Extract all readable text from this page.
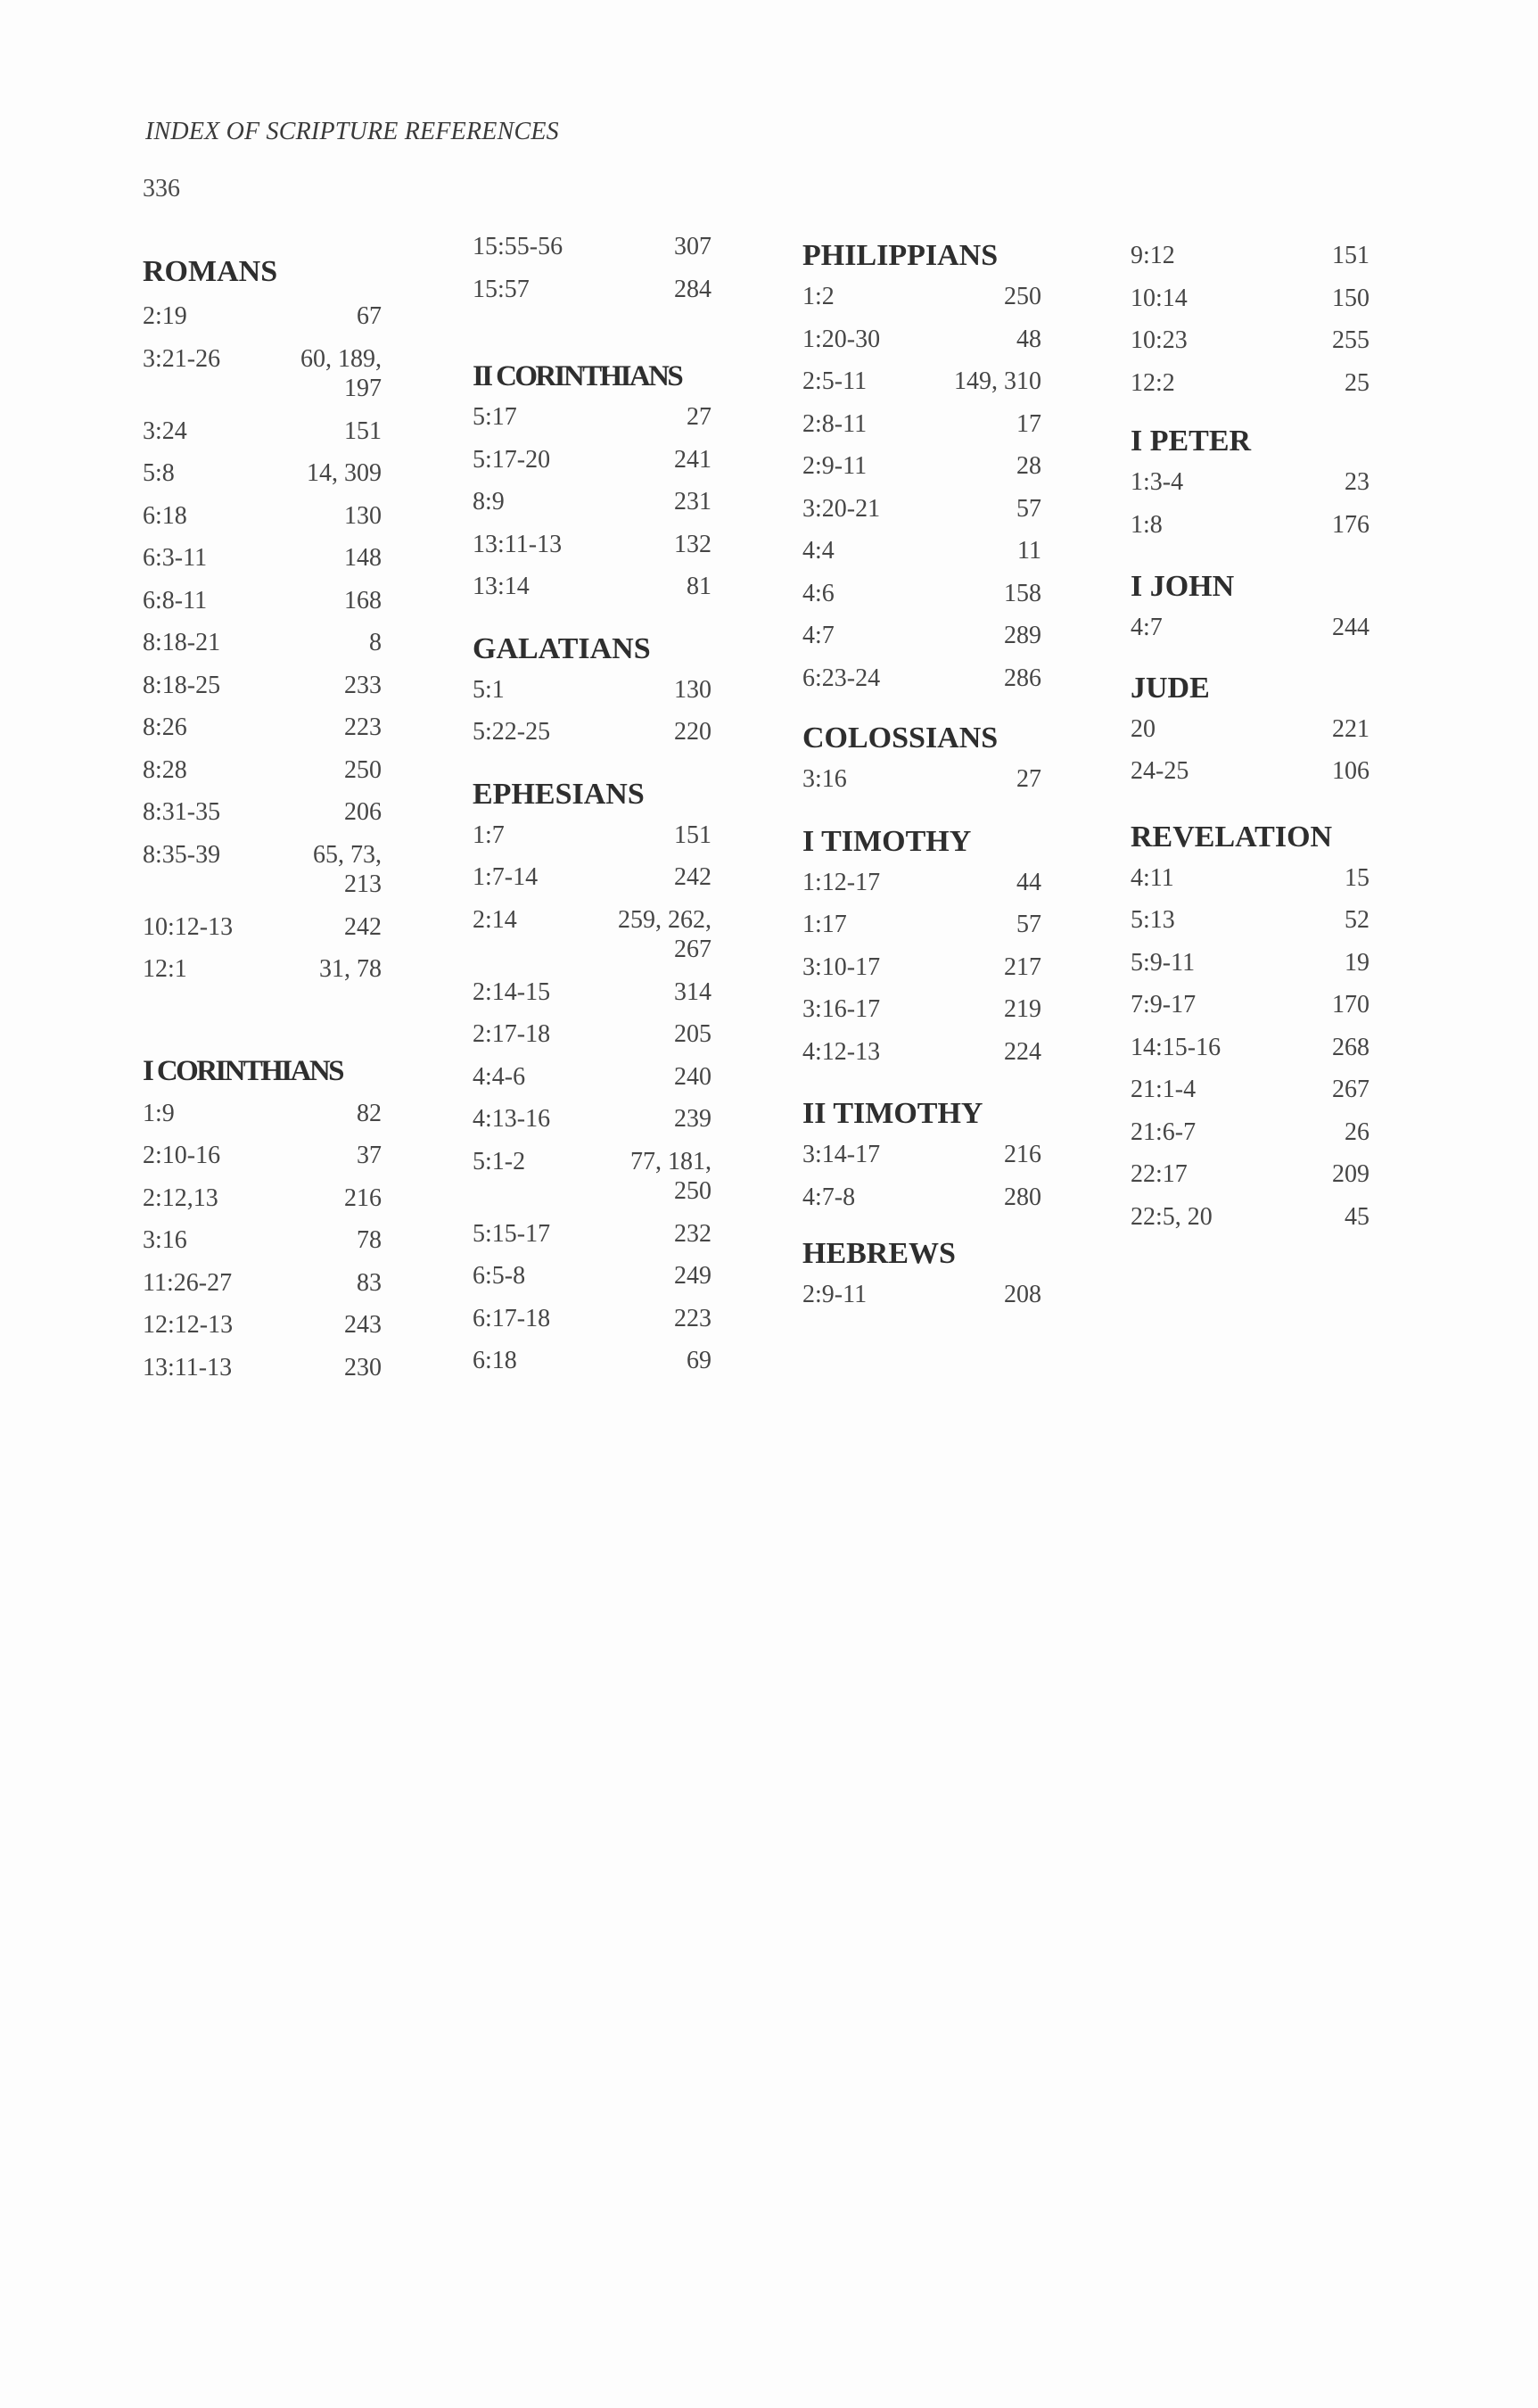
INDEX OF SCRIPTURE REFERENCES
336
ROMANS
2:19	67
3:21-26	60, 189,
197
3:24	151
5:8	14, 309
6:18	130
6:3-11	148
6:8-11	168
8:18-21	8
8:18-25	233
8:26	223
8:28	250
8:31-35	206
8:35-39	65, 73,
213
10:12-13	242
12:1	31, 78
I CORINTHIANS
1:9	82
2:10-16	37
2:12,13	216
3:16	78
11:26-27	83
12:12-13	243
13:11-13	230
15:55-56	307
15:57	284
II CORINTHIANS
5:17	27
5:17-20	241
8:9	231
13:11-13	132
13:14	81
GALATIANS
5:1	130
5:22-25	220
EPHESIANS
1:7	151
1:7-14	242
2:14	259, 262,
267
2:14-15	314
2:17-18	205
4:4-6	240
4:13-16	239
5:1-2	77, 181,
250
5:15-17	232
6:5-8	249
6:17-18	223
6:18	69
PHILIPPIANS
1:2	250
1:20-30	48
2:5-11	149, 310
2:8-11	17
2:9-11	28
3:20-21	57
4:4	11
4:6	158
4:7	289
6:23-24	286
COLOSSIANS
3:16	27
I TIMOTHY
1:12-17	44
1:17	57
3:10-17	217
3:16-17	219
4:12-13	224
II TIMOTHY
3:14-17	216
4:7-8	280
HEBREWS
2:9-11	208
9:12	151
10:14	150
10:23	255
12:2	25
I PETER
1:3-4	23
1:8	176
I JOHN
4:7	244
JUDE
20	221
24-25	106
REVELATION
4:11	15
5:13	52
5:9-11	19
7:9-17	170
14:15-16	268
21:1-4	267
21:6-7	26
22:17	209
22:5, 20	45
